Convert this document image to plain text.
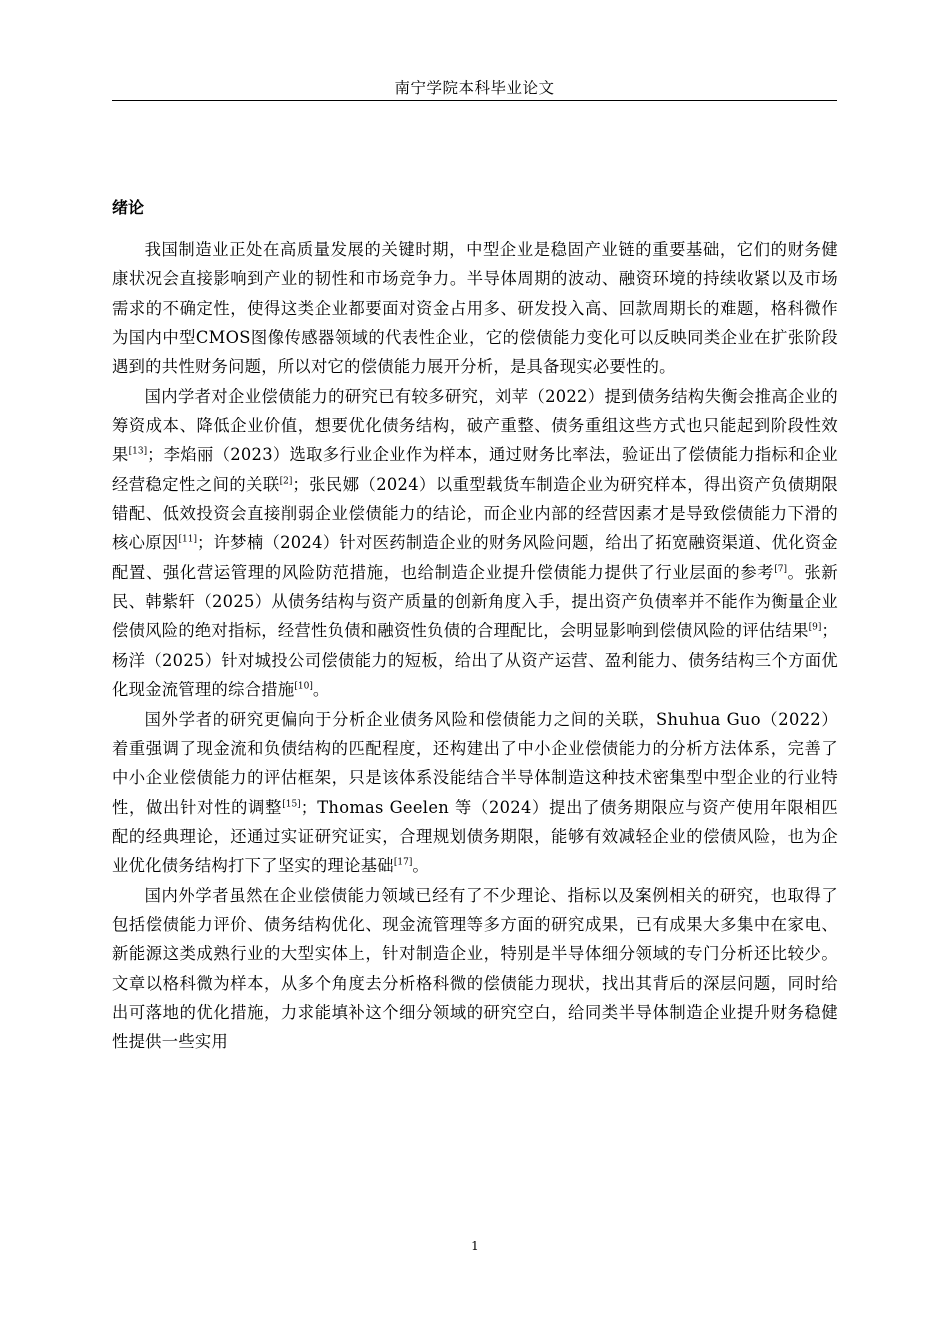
南宁学院本科毕业论文
绪论

我国制造业正处在高质量发展的关键时期，中型企业是稳固产业链的重要基础，它们的财务健康状况会直接影响到产业的韧性和市场竞争力。半导体周期的波动、融资环境的持续收紧以及市场需求的不确定性，使得这类企业都要面对资金占用多、研发投入高、回款周期长的难题，格科微作为国内中型CMOS图像传感器领域的代表性企业，它的偿债能力变化可以反映同类企业在扩张阶段遇到的共性财务问题，所以对它的偿债能力展开分析，是具备现实必要性的。

国内学者对企业偿债能力的研究已有较多研究，刘苹（2022）提到债务结构失衡会推高企业的筹资成本、降低企业价值，想要优化债务结构，破产重整、债务重组这些方式也只能起到阶段性效果[13]；李焰丽（2023）选取多行业企业作为样本，通过财务比率法，验证出了偿债能力指标和企业经营稳定性之间的关联[2]；张民娜（2024）以重型载货车制造企业为研究样本，得出资产负债期限错配、低效投资会直接削弱企业偿债能力的结论，而企业内部的经营因素才是导致偿债能力下滑的核心原因[11]；许梦楠（2024）针对医药制造企业的财务风险问题，给出了拓宽融资渠道、优化资金配置、强化营运管理的风险防范措施，也给制造企业提升偿债能力提供了行业层面的参考[7]。张新民、韩紫轩（2025）从债务结构与资产质量的创新角度入手，提出资产负债率并不能作为衡量企业偿债风险的绝对指标，经营性负债和融资性负债的合理配比，会明显影响到偿债风险的评估结果[9]；杨洋（2025）针对城投公司偿债能力的短板，给出了从资产运营、盈利能力、债务结构三个方面优化现金流管理的综合措施[10]。

国外学者的研究更偏向于分析企业债务风险和偿债能力之间的关联，Shuhua Guo（2022）着重强调了现金流和负债结构的匹配程度，还构建出了中小企业偿债能力的分析方法体系，完善了中小企业偿债能力的评估框架，只是该体系没能结合半导体制造这种技术密集型中型企业的行业特性，做出针对性的调整[15]；Thomas Geelen 等（2024）提出了债务期限应与资产使用年限相匹配的经典理论，还通过实证研究证实，合理规划债务期限，能够有效减轻企业的偿债风险，也为企业优化债务结构打下了坚实的理论基础[17]。

国内外学者虽然在企业偿债能力领域已经有了不少理论、指标以及案例相关的研究，也取得了包括偿债能力评价、债务结构优化、现金流管理等多方面的研究成果，已有成果大多集中在家电、新能源这类成熟行业的大型实体上，针对制造企业，特别是半导体细分领域的专门分析还比较少。文章以格科微为样本，从多个角度去分析格科微的偿债能力现状，找出其背后的深层问题，同时给出可落地的优化措施，力求能填补这个细分领域的研究空白，给同类半导体制造企业提升财务稳健性提供一些实用

1
